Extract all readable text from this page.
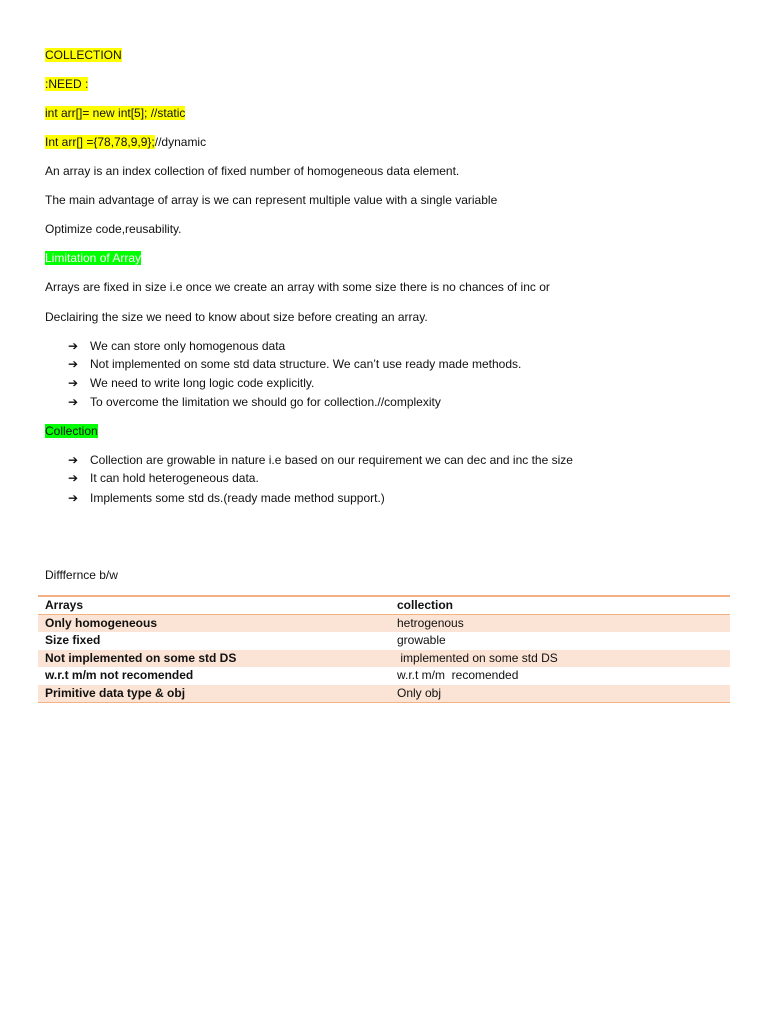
COLLECTION
:NEED :
int arr[]= new int[5]; //static
Int arr[] ={78,78,9,9};//dynamic
An array is an index collection of fixed number of homogeneous data element.
The main advantage of array is we can represent multiple value with a single variable
Optimize code,reusability.
Limitation of Array
Arrays are fixed in size i.e once we create an array with some size there is no chances of inc or
Declairing the size we need to know about size before creating an array.
➔ We can store only homogenous data
➔ Not implemented on some std data structure. We can’t use ready made methods.
➔ We need to write long logic code explicitly.
➔ To overcome the limitation we should go for collection.//complexity
Collection
➔ Collection are growable in nature i.e based on our requirement we can dec and inc the size
➔ It can hold heterogeneous data.
➔ Implements some std ds.(ready made method support.)
Difffernce b/w
Arrays	collection
Only homogeneous	hetrogenous
Size fixed	growable
Not implemented on some std DS	implemented on some std DS
w.r.t m/m not recomended	w.r.t m/m  recomended
Primitive data type & obj	Only obj
